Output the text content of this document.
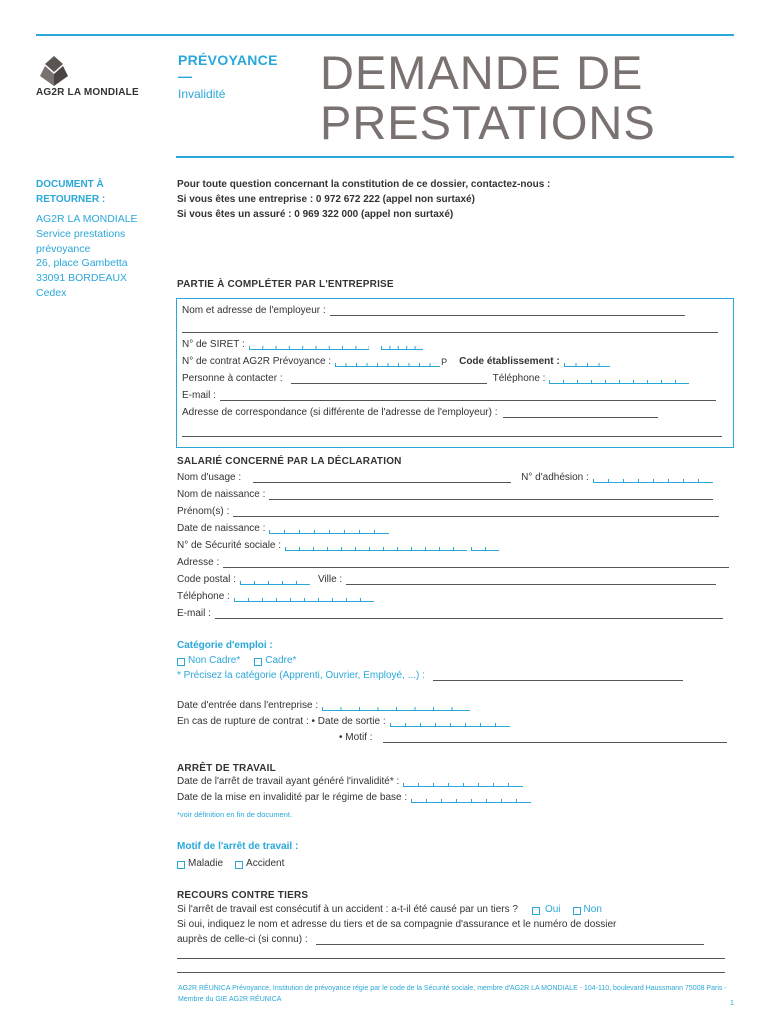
AG2R LA MONDIALE
PRÉVOYANCE
—
Invalidité DEMANDE DE
PRESTATIONS
DOCUMENT À
RETOURNER :
AG2R LA MONDIALE
Service prestations
prévoyance
26, place Gambetta
33091 BORDEAUX
Cedex
Pour toute question concernant la constitution de ce dossier, contactez-nous :
Si vous êtes une entreprise : 0 972 672 222 (appel non surtaxé)
Si vous êtes un assuré : 0 969 322 000 (appel non surtaxé)
PARTIE À COMPLÉTER PAR L'ENTREPRISE
Nom et adresse de l'employeur :
N° de SIRET :
N° de contrat AG2R Prévoyance :	P Code établissement :
Personne à contacter :	Téléphone :
E-mail :
Adresse de correspondance (si différente de l'adresse de l'employeur) :
SALARIÉ CONCERNÉ PAR LA DÉCLARATION
Nom d'usage :	N° d'adhésion :
Nom de naissance :
Prénom(s) :
Date de naissance :
N° de Sécurité sociale :
Adresse :
Code postal :	Ville :
Téléphone :
E-mail :
Catégorie d'emploi :
Non Cadre*	Cadre*
* Précisez la catégorie (Apprenti, Ouvrier, Employé, ...) :
Date d'entrée dans l'entreprise :
En cas de rupture de contrat : • Date de sortie :
• Motif :
ARRÊT DE TRAVAIL
Date de l'arrêt de travail ayant généré l'invalidité* :
Date de la mise en invalidité par le régime de base :
*voir définition en fin de document.
Motif de l'arrêt de travail :
Maladie Accident
RECOURS CONTRE TIERS
Si l'arrêt de travail est consécutif à un accident : a-t-il été causé par un tiers ?	Oui Non
Si oui, indiquez le nom et adresse du tiers et de sa compagnie d'assurance et le numéro de dossier
auprès de celle-ci (si connu) :
AG2R RÉUNICA Prévoyance, Institution de prévoyance régie par le code de la Sécurité sociale, membre d'AG2R LA MONDIALE - 104-110, boulevard Haussmann 75008 Paris - Membre du GIE AG2R RÉUNICA
1
